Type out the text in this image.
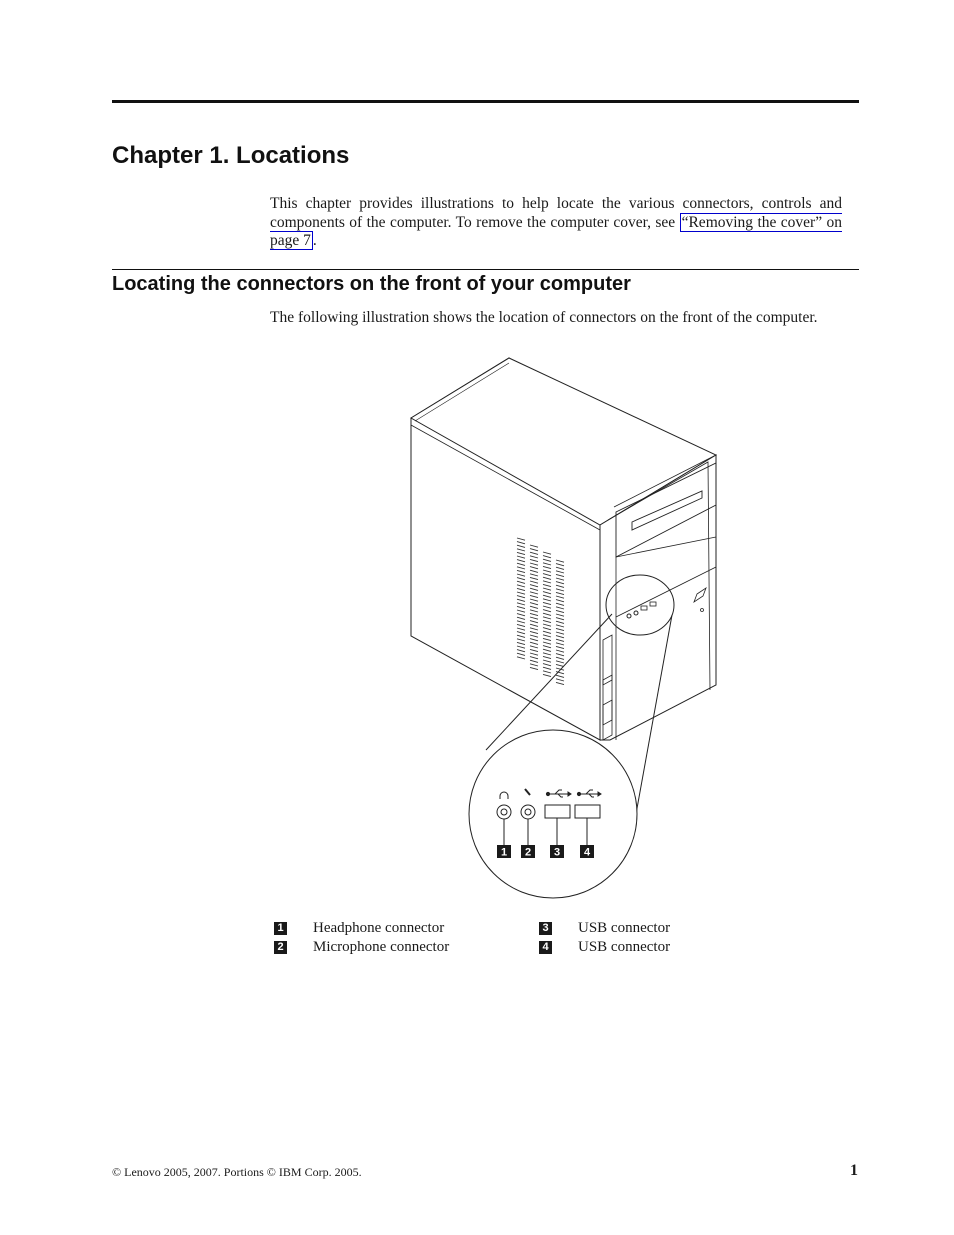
Chapter 1. Locations

This chapter provides illustrations to help locate the various connectors, controls and components of the computer. To remove the computer cover, see “Removing the cover” on page 7 .

Locating the connectors on the front of your computer

The following illustration shows the location of connectors on the front of the computer.

1 2 3 4
1 Headphone connector
2 Microphone connector
3 USB connector
4 USB connector
© Lenovo 2005, 2007. Portions © IBM Corp. 2005.	1
